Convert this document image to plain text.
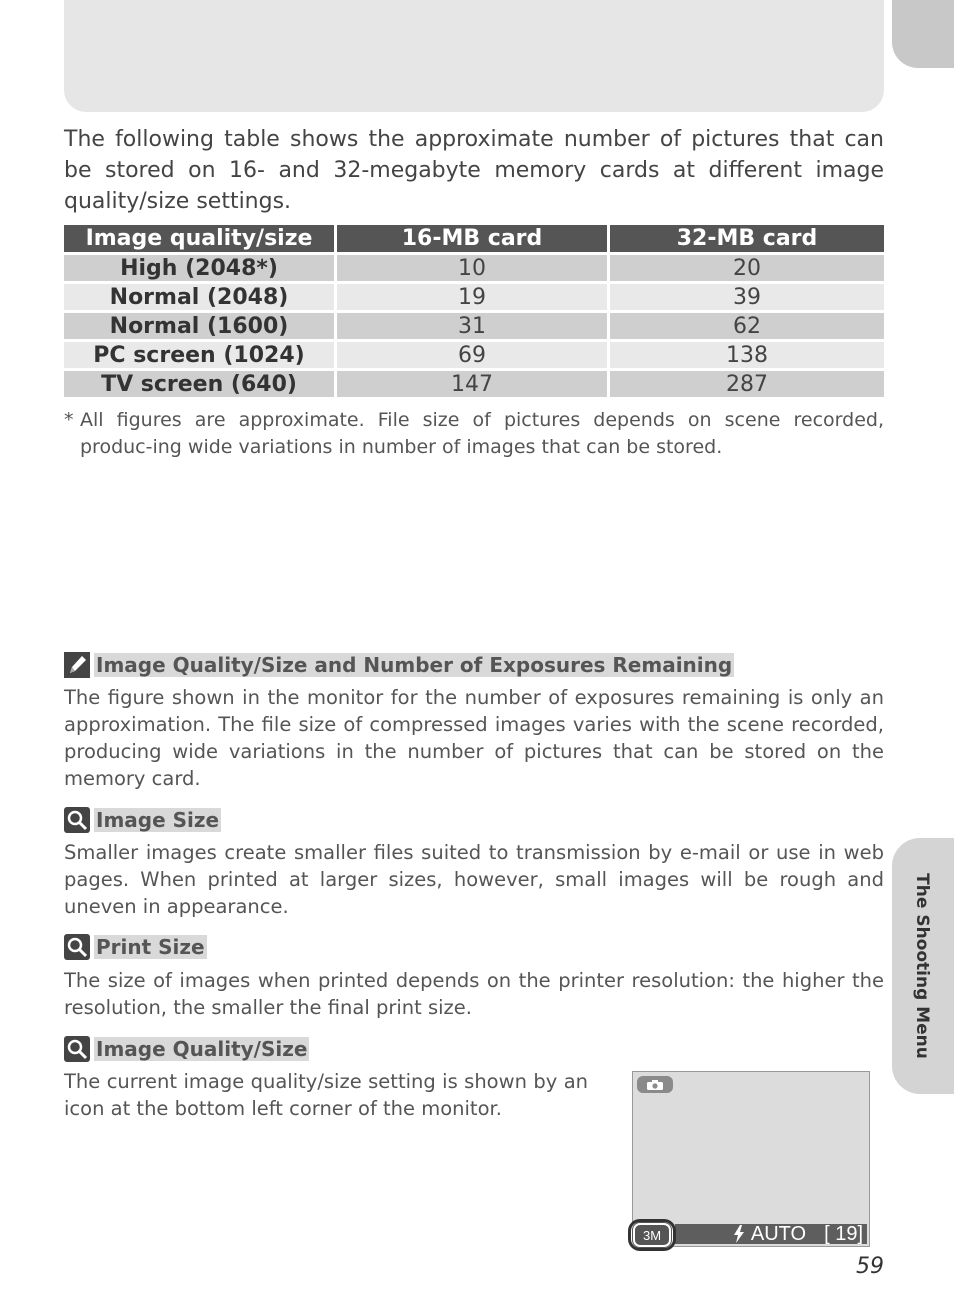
The following table shows the approximate number of pictures that can be stored on 16- and 32-megabyte memory cards at different image quality/size settings.

Image quality/size	16-MB card	32-MB card
High (2048*)	10	20
Normal (2048)	19	39
Normal (1600)	31	62
PC screen (1024)	69	138
TV screen (640)	147	287
* All figures are approximate. File size of pictures depends on scene recorded, produc-ing wide variations in number of images that can be stored.
Image Quality/Size and Number of Exposures Remaining

The figure shown in the monitor for the number of exposures remaining is only an approximation. The file size of compressed images varies with the scene recorded, producing wide variations in the number of pictures that can be stored on the memory card.

Image Size

Smaller images create smaller files suited to transmission by e-mail or use in web pages. When printed at larger sizes, however, small images will be rough and uneven in appearance.

Print Size

The size of images when printed depends on the printer resolution: the higher the resolution, the smaller the final print size.

Image Quality/Size

The current image quality/size setting is shown by an icon at the bottom left corner of the monitor.

AUTO [ 19]
3M
The Shooting Menu
59
